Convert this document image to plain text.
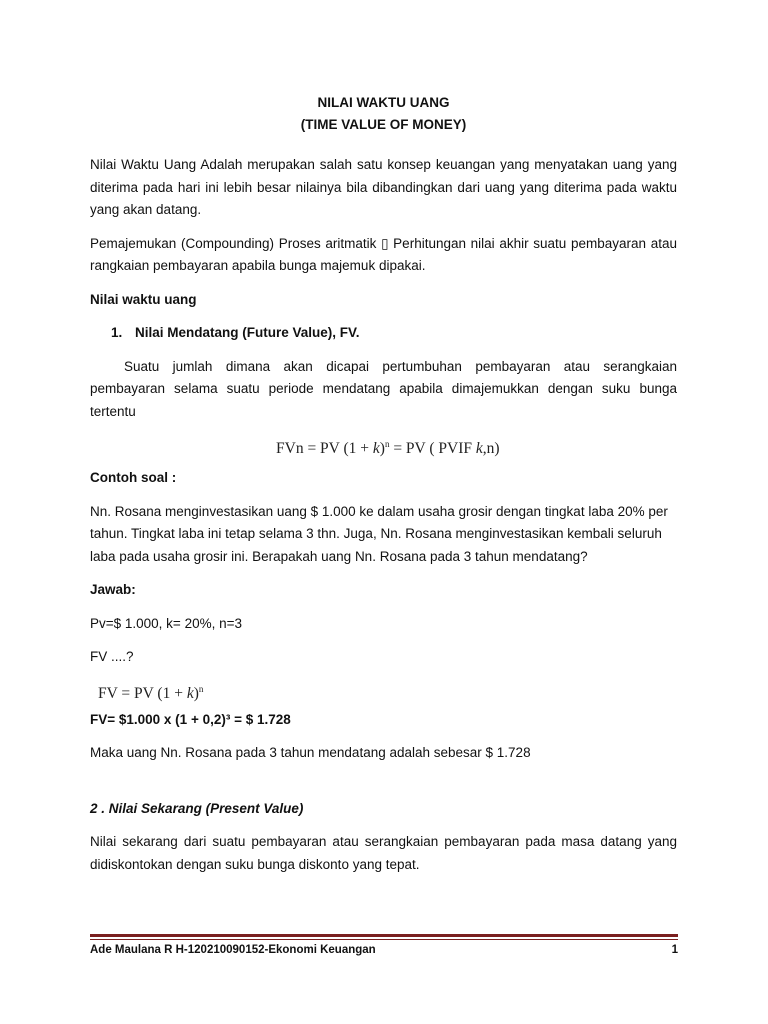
NILAI WAKTU UANG

(TIME VALUE OF MONEY)

Nilai Waktu Uang Adalah merupakan salah satu konsep keuangan yang menyatakan uang yang diterima pada hari ini lebih besar nilainya bila dibandingkan dari uang yang diterima pada waktu yang akan datang.

Pemajemukan (Compounding) Proses aritmatik ▯ Perhitungan nilai akhir suatu pembayaran atau rangkaian pembayaran apabila bunga majemuk dipakai.

Nilai waktu uang

1. Nilai Mendatang (Future Value), FV.

Suatu jumlah dimana akan dicapai pertumbuhan pembayaran atau serangkaian pembayaran selama suatu periode mendatang apabila dimajemukkan dengan suku bunga tertentu

FVn = PV $(1 + k)^n$ = PV ( PVIF k,n)

Contoh soal :

Nn. Rosana menginvestasikan uang $ 1.000 ke dalam usaha grosir dengan tingkat laba 20% per tahun. Tingkat laba ini tetap selama 3 thn. Juga, Nn. Rosana menginvestasikan kembali seluruh laba pada usaha grosir ini. Berapakah uang Nn. Rosana pada 3 tahun mendatang?

Jawab:

Pv=$ 1.000, k= 20%, n=3

FV ....?

FV = PV $(1 + k)^n$

FV= $1.000 x (1 + 0,2)³ = $ 1.728

Maka uang Nn. Rosana pada 3 tahun mendatang adalah sebesar $ 1.728

2 . Nilai Sekarang (Present Value)

Nilai sekarang dari suatu pembayaran atau serangkaian pembayaran pada masa datang yang didiskontokan dengan suku bunga diskonto yang tepat.

Ade Maulana R H-120210090152-Ekonomi Keuangan	1
